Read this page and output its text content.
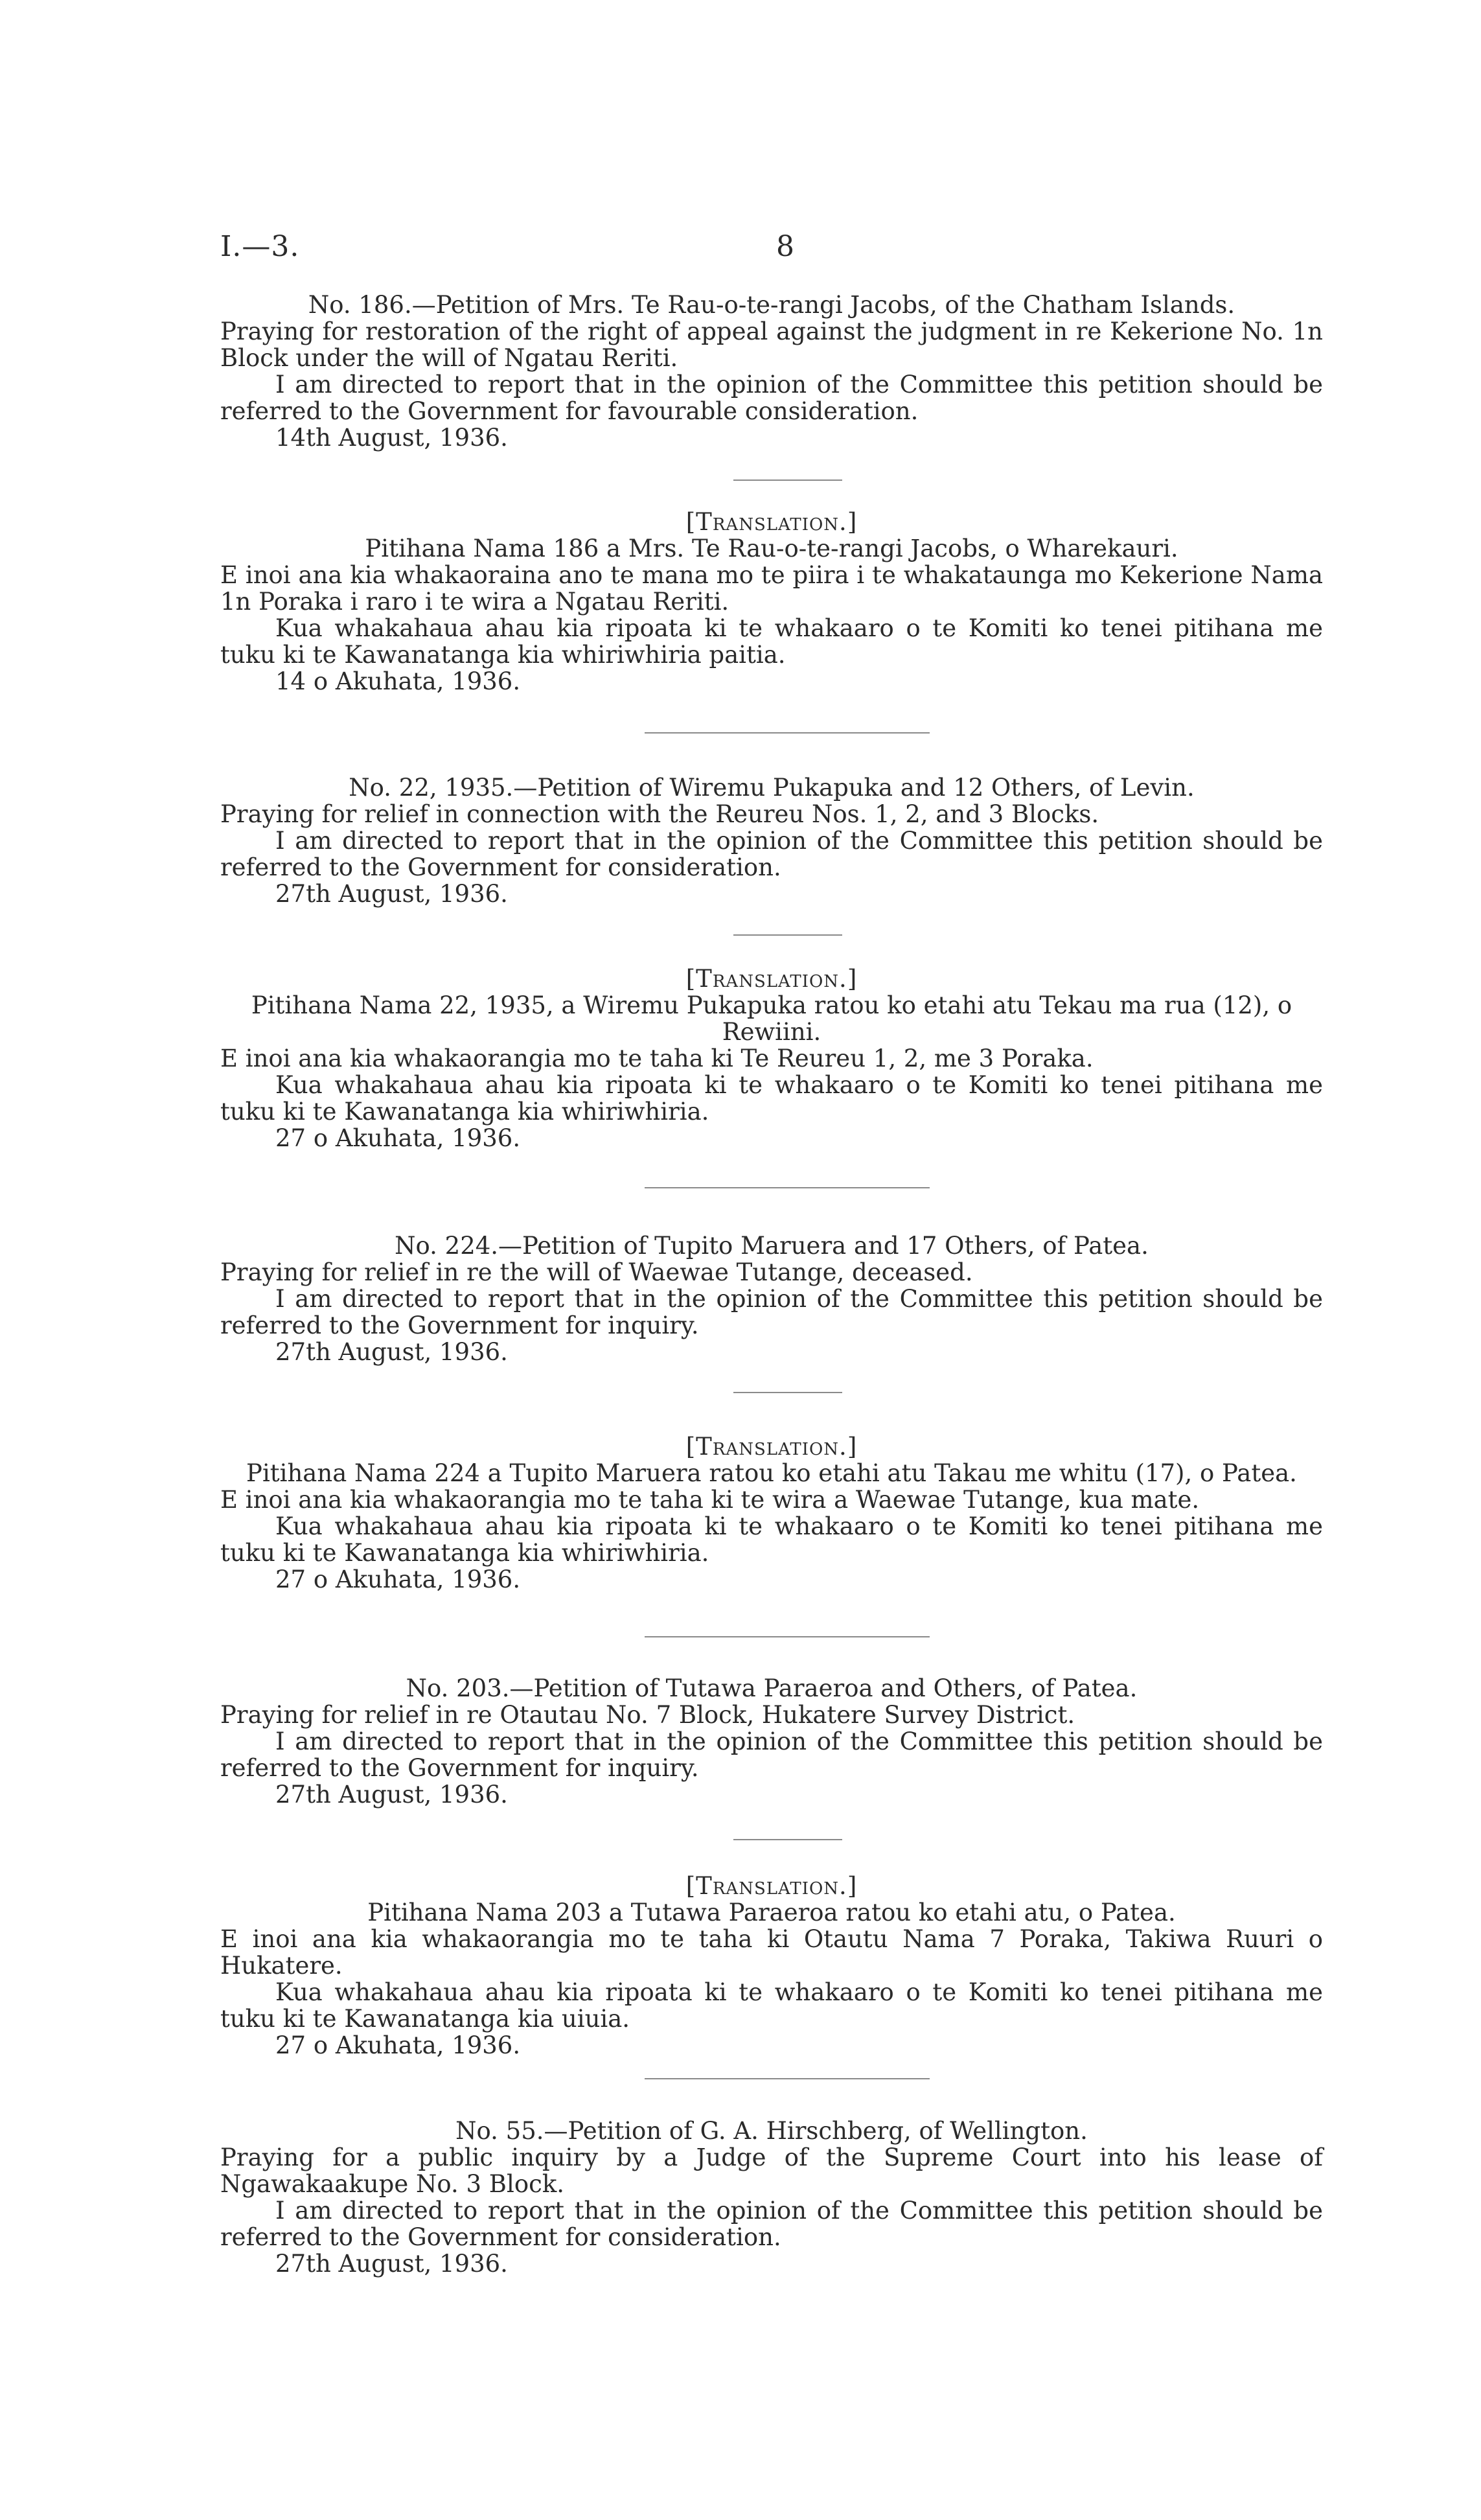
I.—3.	8

No. 186.—Petition of Mrs. Te Rau-o-te-rangi Jacobs, of the Chatham Islands.

Praying for restoration of the right of appeal against the judgment in re Kekerione No. 1n Block under the will of Ngatau Reriti.

I am directed to report that in the opinion of the Committee this petition should be referred to the Government for favourable consideration.

14th August, 1936.

[Translation.]

Pitihana Nama 186 a Mrs. Te Rau-o-te-rangi Jacobs, o Wharekauri.

E inoi ana kia whakaoraina ano te mana mo te piira i te whakataunga mo Kekerione Nama 1n Poraka i raro i te wira a Ngatau Reriti.

Kua whakahaua ahau kia ripoata ki te whakaaro o te Komiti ko tenei pitihana me tuku ki te Kawanatanga kia whiriwhiria paitia.

14 o Akuhata, 1936.

No. 22, 1935.—Petition of Wiremu Pukapuka and 12 Others, of Levin.

Praying for relief in connection with the Reureu Nos. 1, 2, and 3 Blocks.

I am directed to report that in the opinion of the Committee this petition should be referred to the Government for consideration.

27th August, 1936.

[Translation.]

Pitihana Nama 22, 1935, a Wiremu Pukapuka ratou ko etahi atu Tekau ma rua (12), o Rewiini.

E inoi ana kia whakaorangia mo te taha ki Te Reureu 1, 2, me 3 Poraka.

Kua whakahaua ahau kia ripoata ki te whakaaro o te Komiti ko tenei pitihana me tuku ki te Kawanatanga kia whiriwhiria.

27 o Akuhata, 1936.

No. 224.—Petition of Tupito Maruera and 17 Others, of Patea.

Praying for relief in re the will of Waewae Tutange, deceased.

I am directed to report that in the opinion of the Committee this petition should be referred to the Government for inquiry.

27th August, 1936.

[Translation.]

Pitihana Nama 224 a Tupito Maruera ratou ko etahi atu Takau me whitu (17), o Patea.

E inoi ana kia whakaorangia mo te taha ki te wira a Waewae Tutange, kua mate.

Kua whakahaua ahau kia ripoata ki te whakaaro o te Komiti ko tenei pitihana me tuku ki te Kawanatanga kia whiriwhiria.

27 o Akuhata, 1936.

No. 203.—Petition of Tutawa Paraeroa and Others, of Patea.

Praying for relief in re Otautau No. 7 Block, Hukatere Survey District.

I am directed to report that in the opinion of the Committee this petition should be referred to the Government for inquiry.

27th August, 1936.

[Translation.]

Pitihana Nama 203 a Tutawa Paraeroa ratou ko etahi atu, o Patea.

E inoi ana kia whakaorangia mo te taha ki Otautu Nama 7 Poraka, Takiwa Ruuri o Hukatere.

Kua whakahaua ahau kia ripoata ki te whakaaro o te Komiti ko tenei pitihana me tuku ki te Kawanatanga kia uiuia.

27 o Akuhata, 1936.

No. 55.—Petition of G. A. Hirschberg, of Wellington.

Praying for a public inquiry by a Judge of the Supreme Court into his lease of Ngawakaakupe No. 3 Block.

I am directed to report that in the opinion of the Committee this petition should be referred to the Government for consideration.

27th August, 1936.
